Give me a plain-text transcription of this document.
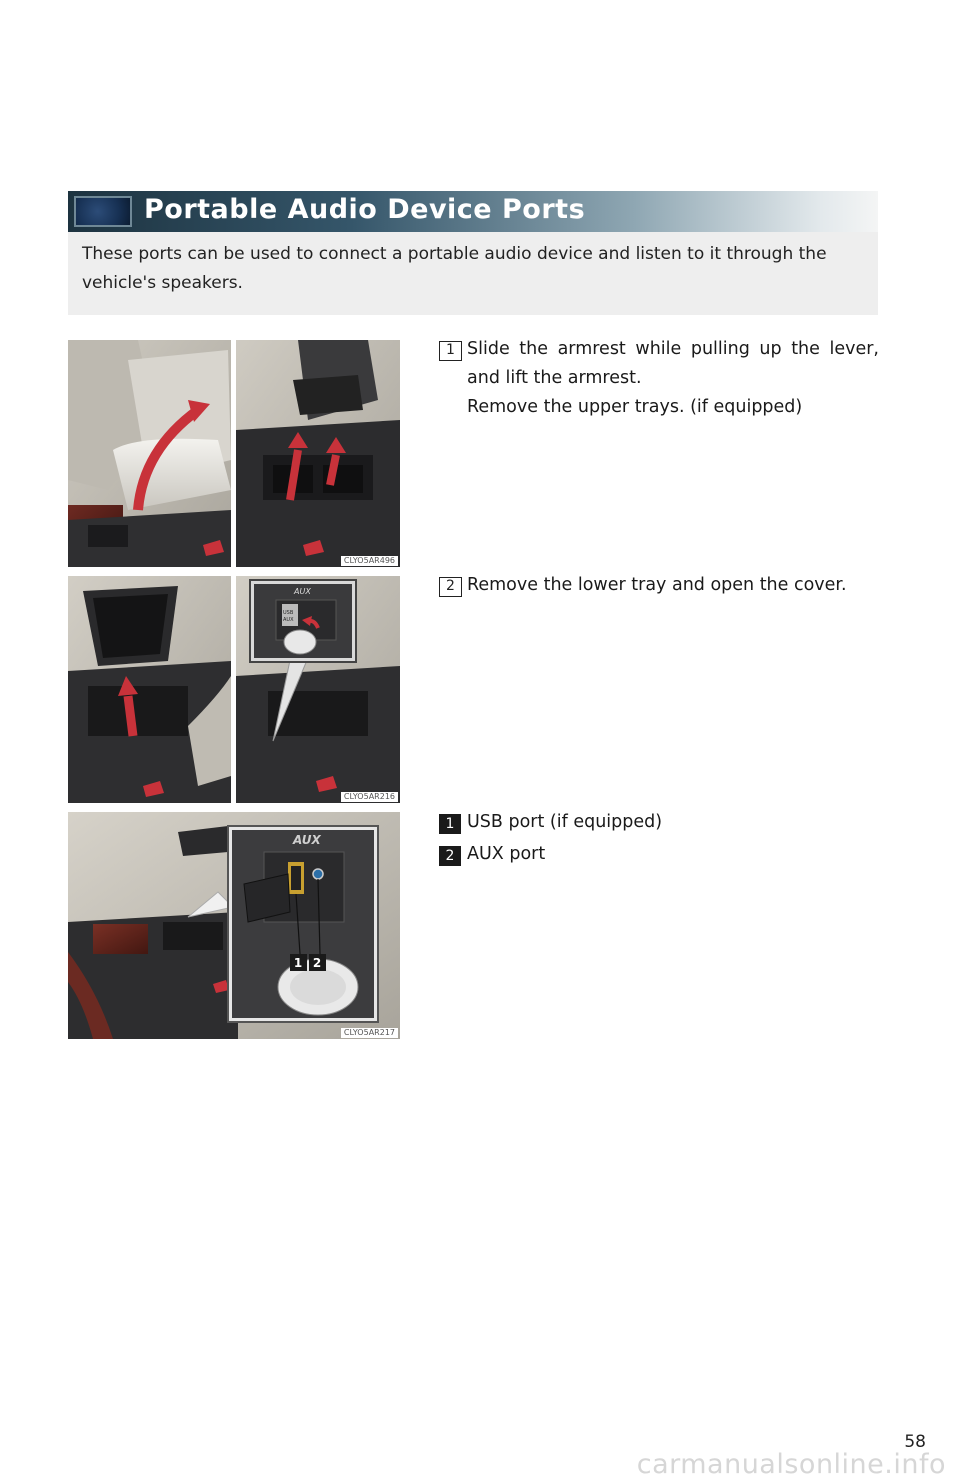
Portable Audio Device Ports
These ports can be used to connect a portable audio device and listen to it through the vehicle's speakers.
CLYO5AR496
1 Slide the armrest while pulling up the lever, and lift the armrest.
Remove the upper trays. (if equipped)
AUX
USB
AUX
CLYO5AR216
2 Remove the lower tray and open the cover.
AUX
1 2
CLYO5AR217
1 USB port (if equipped)
2 AUX port
58
carmanualsonline.info
